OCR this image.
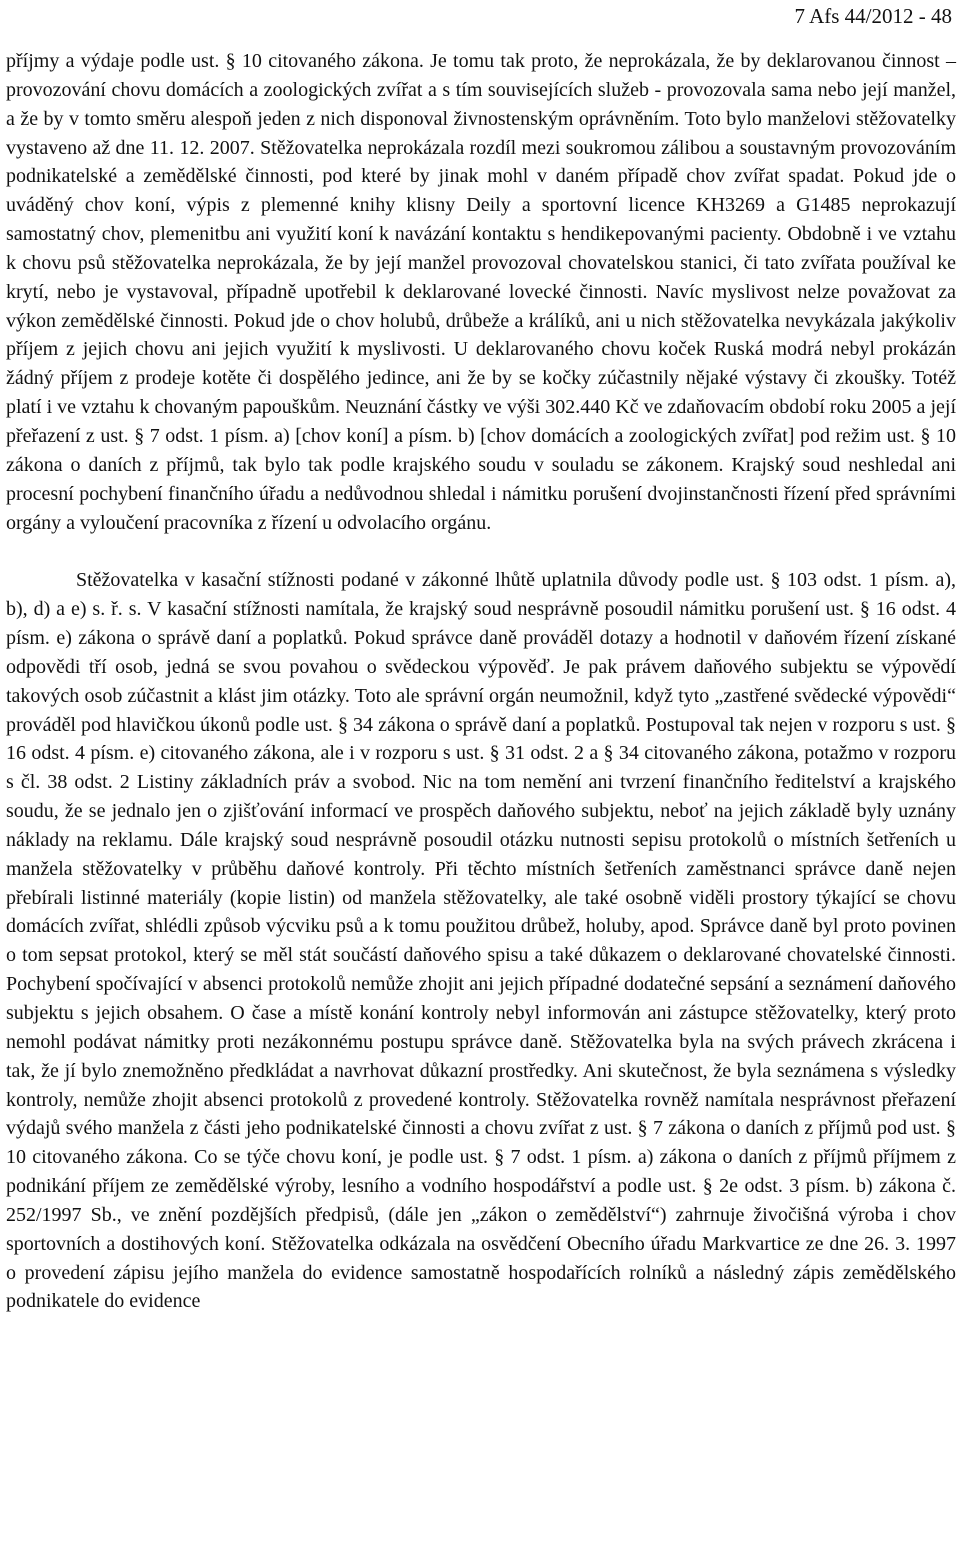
7 Afs 44/2012 - 48

příjmy a výdaje podle ust. § 10 citovaného zákona. Je tomu tak proto, že neprokázala, že by deklarovanou činnost – provozování chovu domácích a zoologických zvířat a s tím souvisejících služeb - provozovala sama nebo její manžel, a že by v tomto směru alespoň jeden z nich disponoval živnostenským oprávněním. Toto bylo manželovi stěžovatelky vystaveno až dne 11. 12. 2007. Stěžovatelka neprokázala rozdíl mezi soukromou zálibou a soustavným provozováním podnikatelské a zemědělské činnosti, pod které by jinak mohl v daném případě chov zvířat spadat. Pokud jde o uváděný chov koní, výpis z plemenné knihy klisny Deily a sportovní licence KH3269 a G1485 neprokazují samostatný chov, plemenitbu ani využití koní k navázání kontaktu s hendikepovanými pacienty. Obdobně i ve vztahu k chovu psů stěžovatelka neprokázala, že by její manžel provozoval chovatelskou stanici, či tato zvířata používal ke krytí, nebo je vystavoval, případně upotřebil k deklarované lovecké činnosti. Navíc myslivost nelze považovat za výkon zemědělské činnosti. Pokud jde o chov holubů, drůbeže a králíků, ani u nich stěžovatelka nevykázala jakýkoliv příjem z jejich chovu ani jejich využití k myslivosti. U deklarovaného chovu koček Ruská modrá nebyl prokázán žádný příjem z prodeje kotěte či dospělého jedince, ani že by se kočky zúčastnily nějaké výstavy či zkoušky. Totéž platí i ve vztahu k chovaným papouškům. Neuznání částky ve výši 302.440 Kč ve zdaňovacím období roku 2005 a její přeřazení z ust. § 7 odst. 1 písm. a) [chov koní] a písm. b) [chov domácích a zoologických zvířat] pod režim ust. § 10 zákona o daních z příjmů, tak bylo tak podle krajského soudu v souladu se zákonem. Krajský soud neshledal ani procesní pochybení finančního úřadu a nedůvodnou shledal i námitku porušení dvojinstančnosti řízení před správními orgány a vyloučení pracovníka z řízení u odvolacího orgánu.

Stěžovatelka v kasační stížnosti podané v zákonné lhůtě uplatnila důvody podle ust. § 103 odst. 1 písm. a), b), d) a e) s. ř. s. V kasační stížnosti namítala, že krajský soud nesprávně posoudil námitku porušení ust. § 16 odst. 4 písm. e) zákona o správě daní a poplatků. Pokud správce daně prováděl dotazy a hodnotil v daňovém řízení získané odpovědi tří osob, jedná se svou povahou o svědeckou výpověď. Je pak právem daňového subjektu se výpovědí takových osob zúčastnit a klást jim otázky. Toto ale správní orgán neumožnil, když tyto „zastřené svědecké výpovědi“ prováděl pod hlavičkou úkonů podle ust. § 34 zákona o správě daní a poplatků. Postupoval tak nejen v rozporu s ust. § 16 odst. 4 písm. e) citovaného zákona, ale i v rozporu s ust. § 31 odst. 2 a § 34 citovaného zákona, potažmo v rozporu s čl. 38 odst. 2 Listiny základních práv a svobod. Nic na tom nemění ani tvrzení finančního ředitelství a krajského soudu, že se jednalo jen o zjišťování informací ve prospěch daňového subjektu, neboť na jejich základě byly uznány náklady na reklamu. Dále krajský soud nesprávně posoudil otázku nutnosti sepisu protokolů o místních šetřeních u manžela stěžovatelky v průběhu daňové kontroly. Při těchto místních šetřeních zaměstnanci správce daně nejen přebírali listinné materiály (kopie listin) od manžela stěžovatelky, ale také osobně viděli prostory týkající se chovu domácích zvířat, shlédli způsob výcviku psů a k tomu použitou drůbež, holuby, apod. Správce daně byl proto povinen o tom sepsat protokol, který se měl stát součástí daňového spisu a také důkazem o deklarované chovatelské činnosti. Pochybení spočívající v absenci protokolů nemůže zhojit ani jejich případné dodatečné sepsání a seznámení daňového subjektu s jejich obsahem. O čase a místě konání kontroly nebyl informován ani zástupce stěžovatelky, který proto nemohl podávat námitky proti nezákonnému postupu správce daně. Stěžovatelka byla na svých právech zkrácena i tak, že jí bylo znemožněno předkládat a navrhovat důkazní prostředky. Ani skutečnost, že byla seznámena s výsledky kontroly, nemůže zhojit absenci protokolů z provedené kontroly. Stěžovatelka rovněž namítala nesprávnost přeřazení výdajů svého manžela z části jeho podnikatelské činnosti a chovu zvířat z ust. § 7 zákona o daních z příjmů pod ust. § 10 citovaného zákona. Co se týče chovu koní, je podle ust. § 7 odst. 1 písm. a) zákona o daních z příjmů příjmem z podnikání příjem ze zemědělské výroby, lesního a vodního hospodářství a podle ust. § 2e odst. 3 písm. b) zákona č. 252/1997 Sb., ve znění pozdějších předpisů, (dále jen „zákon o zemědělství“) zahrnuje živočišná výroba i chov sportovních a dostihových koní. Stěžovatelka odkázala na osvědčení Obecního úřadu Markvartice ze dne 26. 3. 1997 o provedení zápisu jejího manžela do evidence samostatně hospodařících rolníků a následný zápis zemědělského podnikatele do evidence
